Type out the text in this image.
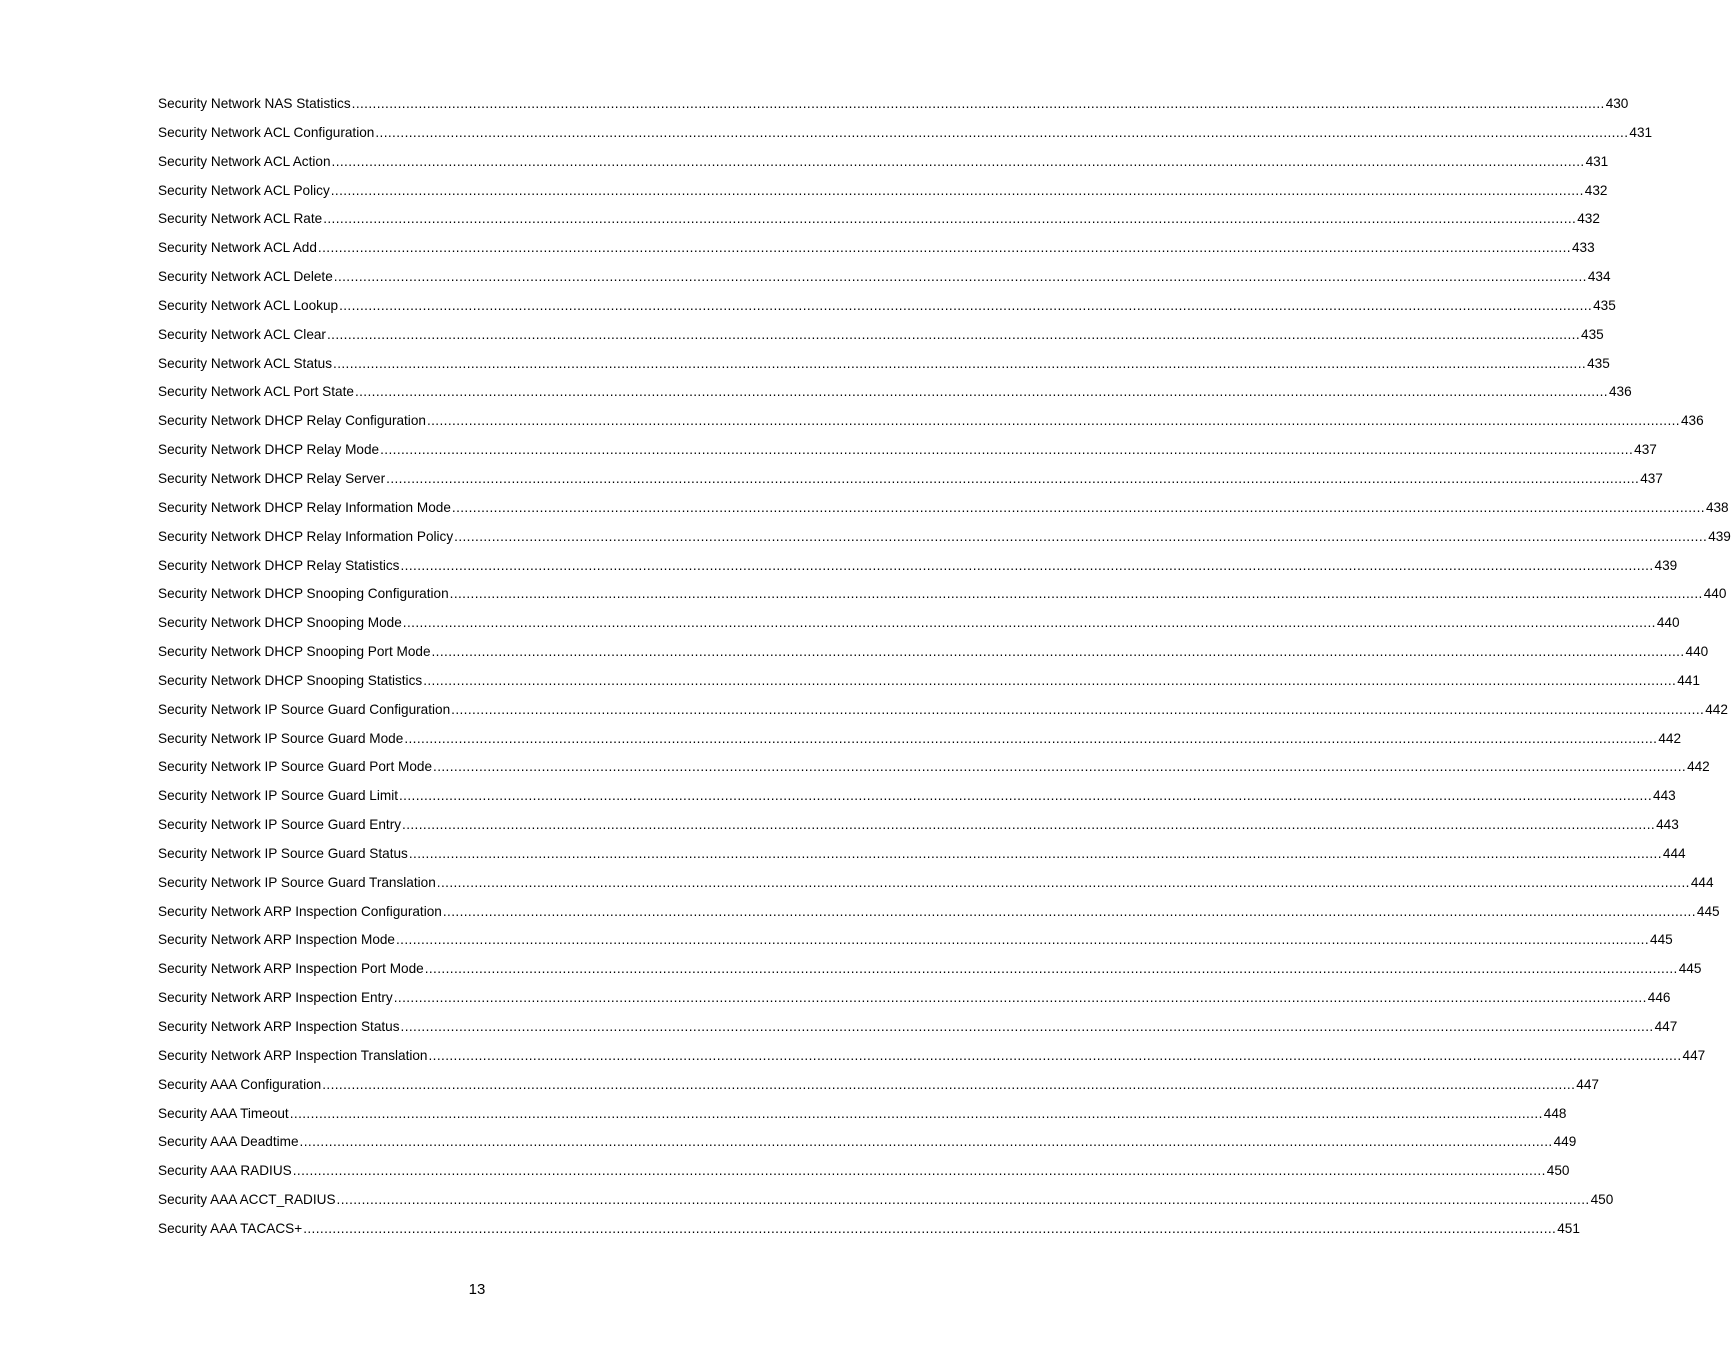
Security Network NAS Statistics ............................................................................................................................................................................................................................................................................................................ 430
Security Network ACL Configuration ............................................................................................................................................................................................................................................................................................................ 431
Security Network ACL Action ............................................................................................................................................................................................................................................................................................................ 431
Security Network ACL Policy ............................................................................................................................................................................................................................................................................................................ 432
Security Network ACL Rate ............................................................................................................................................................................................................................................................................................................ 432
Security Network ACL Add ............................................................................................................................................................................................................................................................................................................ 433
Security Network ACL Delete ............................................................................................................................................................................................................................................................................................................ 434
Security Network ACL Lookup ............................................................................................................................................................................................................................................................................................................ 435
Security Network ACL Clear ............................................................................................................................................................................................................................................................................................................ 435
Security Network ACL Status ............................................................................................................................................................................................................................................................................................................ 435
Security Network ACL Port State ............................................................................................................................................................................................................................................................................................................ 436
Security Network DHCP Relay Configuration ............................................................................................................................................................................................................................................................................................................ 436
Security Network DHCP Relay Mode ............................................................................................................................................................................................................................................................................................................ 437
Security Network DHCP Relay Server ............................................................................................................................................................................................................................................................................................................ 437
Security Network DHCP Relay Information Mode ............................................................................................................................................................................................................................................................................................................ 438
Security Network DHCP Relay Information Policy ............................................................................................................................................................................................................................................................................................................ 439
Security Network DHCP Relay Statistics ............................................................................................................................................................................................................................................................................................................ 439
Security Network DHCP Snooping Configuration ............................................................................................................................................................................................................................................................................................................ 440
Security Network DHCP Snooping Mode ............................................................................................................................................................................................................................................................................................................ 440
Security Network DHCP Snooping Port Mode ............................................................................................................................................................................................................................................................................................................ 440
Security Network DHCP Snooping Statistics ............................................................................................................................................................................................................................................................................................................ 441
Security Network IP Source Guard Configuration ............................................................................................................................................................................................................................................................................................................ 442
Security Network IP Source Guard Mode ............................................................................................................................................................................................................................................................................................................ 442
Security Network IP Source Guard Port Mode ............................................................................................................................................................................................................................................................................................................ 442
Security Network IP Source Guard Limit ............................................................................................................................................................................................................................................................................................................ 443
Security Network IP Source Guard Entry ............................................................................................................................................................................................................................................................................................................ 443
Security Network IP Source Guard Status ............................................................................................................................................................................................................................................................................................................ 444
Security Network IP Source Guard Translation ............................................................................................................................................................................................................................................................................................................ 444
Security Network ARP Inspection Configuration ............................................................................................................................................................................................................................................................................................................ 445
Security Network ARP Inspection Mode ............................................................................................................................................................................................................................................................................................................ 445
Security Network ARP Inspection Port Mode ............................................................................................................................................................................................................................................................................................................ 445
Security Network ARP Inspection Entry ............................................................................................................................................................................................................................................................................................................ 446
Security Network ARP Inspection Status ............................................................................................................................................................................................................................................................................................................ 447
Security Network ARP Inspection Translation ............................................................................................................................................................................................................................................................................................................ 447
Security AAA Configuration ............................................................................................................................................................................................................................................................................................................ 447
Security AAA Timeout ............................................................................................................................................................................................................................................................................................................ 448
Security AAA Deadtime ............................................................................................................................................................................................................................................................................................................ 449
Security AAA RADIUS ............................................................................................................................................................................................................................................................................................................ 450
Security AAA ACCT_RADIUS ............................................................................................................................................................................................................................................................................................................ 450
Security AAA TACACS+ ............................................................................................................................................................................................................................................................................................................ 451
13
